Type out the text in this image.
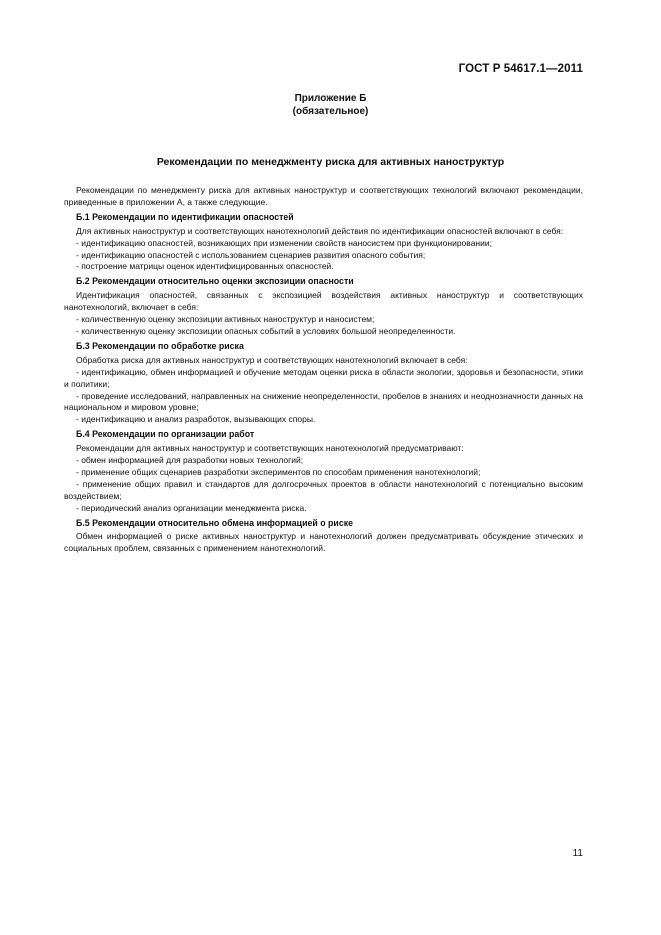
ГОСТ Р 54617.1—2011
Приложение Б
(обязательное)
Рекомендации по менеджменту риска для активных наноструктур

Рекомендации по менеджменту риска для активных наноструктур и соответствующих технологий включают рекомендации, приведенные в приложении А, а также следующие.

Б.1 Рекомендации по идентификации опасностей

Для активных наноструктур и соответствующих нанотехнологий действия по идентификации опасностей включают в себя:

- идентификацию опасностей, возникающих при изменении свойств наносистем при функционировании;

- идентификацию опасностей с использованием сценариев развития опасного события;

- построение матрицы оценок идентифицированных опасностей.

Б.2 Рекомендации относительно оценки экспозиции опасности

Идентификация опасностей, связанных с экспозицией воздействия активных наноструктур и соответствующих нанотехнологий, включает в себя:

- количественную оценку экспозиции активных наноструктур и наносистем;

- количественную оценку экспозиции опасных событий в условиях большой неопределенности.

Б.3 Рекомендации по обработке риска

Обработка риска для активных наноструктур и соответствующих нанотехнологий включает в себя:

- идентификацию, обмен информацией и обучение методам оценки риска в области экологии, здоровья и безопасности, этики и политики;

- проведение исследований, направленных на снижение неопределенности, пробелов в знаниях и неоднозначности данных на национальном и мировом уровне;

- идентификацию и анализ разработок, вызывающих споры.

Б.4 Рекомендации по организации работ

Рекомендации для активных наноструктур и соответствующих нанотехнологий предусматривают:

- обмен информацией для разработки новых технологий;

- применение общих сценариев разработки экспериментов по способам применения нанотехнологий;

- применение общих правил и стандартов для долгосрочных проектов в области нанотехнологий с потенциально высоким воздействием;

- периодический анализ организации менеджмента риска.

Б.5 Рекомендации относительно обмена информацией о риске

Обмен информацией о риске активных наноструктур и нанотехнологий должен предусматривать обсуждение этических и социальных проблем, связанных с применением нанотехнологий.

11
